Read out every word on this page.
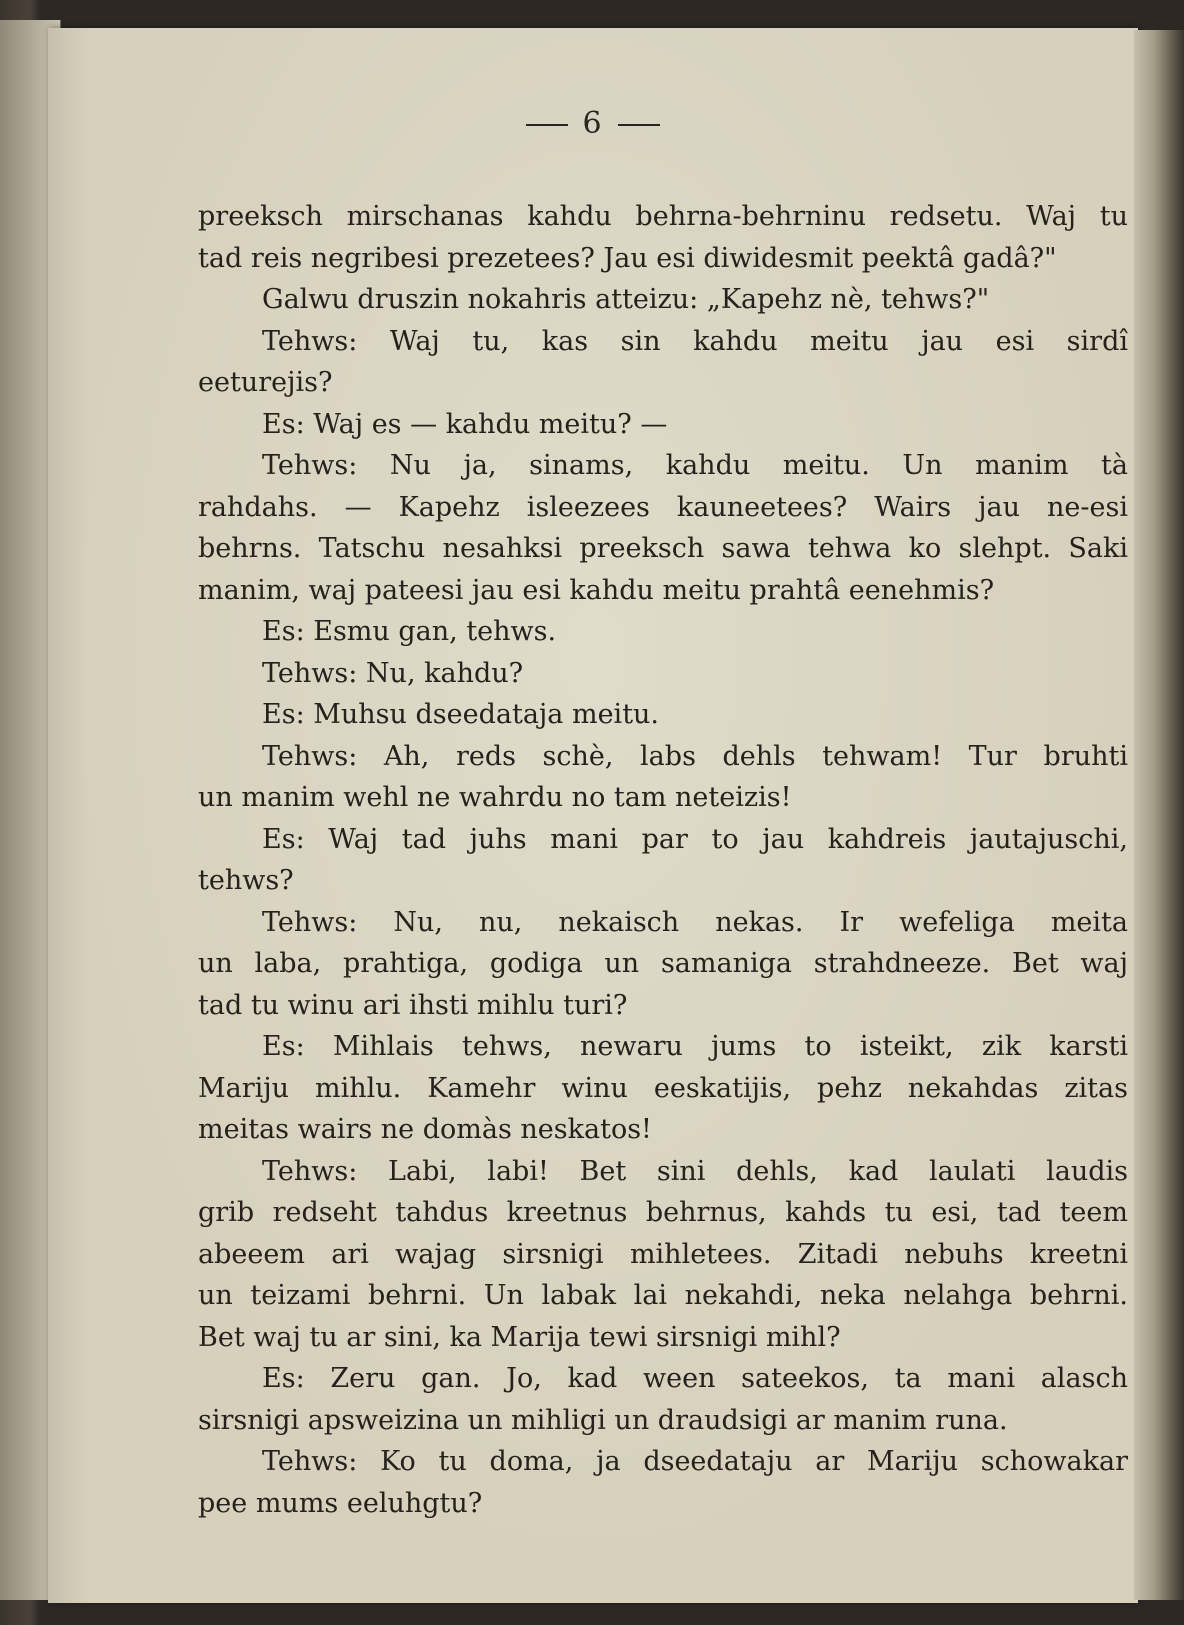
6
preeksch mirschanas kahdu behrna-behrninu redsetu. Waj tu
tad reis negribesi prezetees? Jau esi diwidesmit peektâ gadâ?"
Galwu druszin nokahris atteizu: „Kapehz nè, tehws?"
Tehws: Waj tu, kas sin kahdu meitu jau esi sirdî
eeturejis?
Es: Waj es — kahdu meitu? —
Tehws: Nu ja, sinams, kahdu meitu. Un manim tà
rahdahs. — Kapehz isleezees kauneetees? Wairs jau ne-esi
behrns. Tatschu nesahksi preeksch sawa tehwa ko slehpt. Saki
manim, waj pateesi jau esi kahdu meitu prahtâ eenehmis?
Es: Esmu gan, tehws.
Tehws: Nu, kahdu?
Es: Muhsu dseedataja meitu.
Tehws: Ah, reds schè, labs dehls tehwam! Tur bruhti
un manim wehl ne wahrdu no tam neteizis!
Es: Waj tad juhs mani par to jau kahdreis jautajuschi,
tehws?
Tehws: Nu, nu, nekaisch nekas. Ir wefeliga meita
un laba, prahtiga, godiga un samaniga strahdneeze. Bet waj
tad tu winu ari ihsti mihlu turi?
Es: Mihlais tehws, newaru jums to isteikt, zik karsti
Mariju mihlu. Kamehr winu eeskatijis, pehz nekahdas zitas
meitas wairs ne domàs neskatos!
Tehws: Labi, labi! Bet sini dehls, kad laulati laudis
grib redseht tahdus kreetnus behrnus, kahds tu esi, tad teem
abeeem ari wajag sirsnigi mihletees. Zitadi nebuhs kreetni
un teizami behrni. Un labak lai nekahdi, neka nelahga behrni.
Bet waj tu ar sini, ka Marija tewi sirsnigi mihl?
Es: Zeru gan. Jo, kad ween sateekos, ta mani alasch
sirsnigi apsweizina un mihligi un draudsigi ar manim runa.
Tehws: Ko tu doma, ja dseedataju ar Mariju schowakar
pee mums eeluhgtu?
